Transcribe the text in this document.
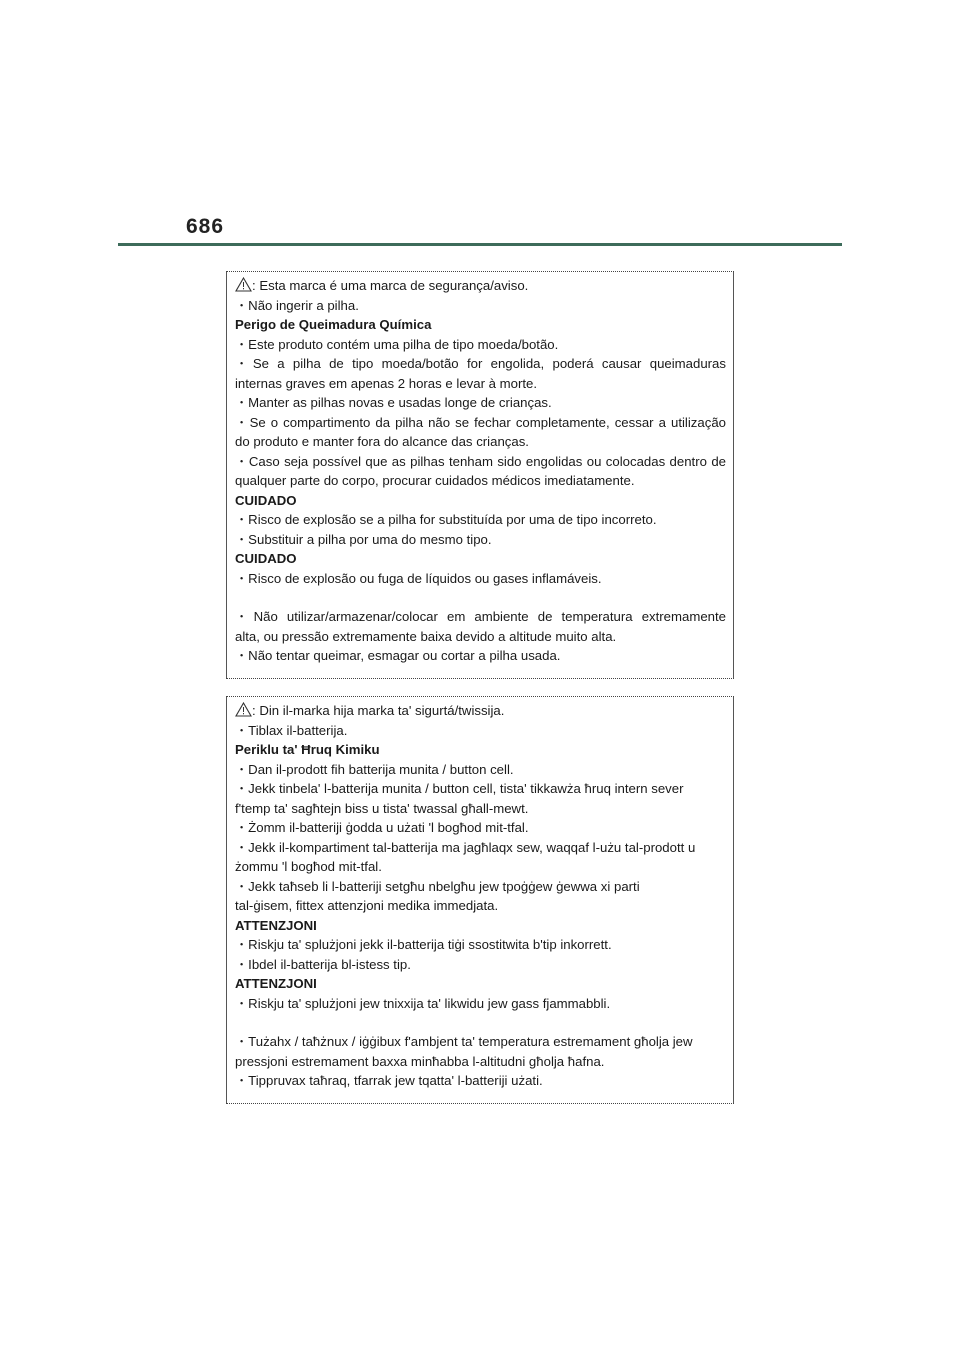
686

: Esta marca é uma marca de segurança/aviso.

・Não ingerir a pilha.

Perigo de Queimadura Química

・Este produto contém uma pilha de tipo moeda/botão.

・Se a pilha de tipo moeda/botão for engolida, poderá causar queimaduras

internas graves em apenas 2 horas e levar à morte.

・Manter as pilhas novas e usadas longe de crianças.

・Se o compartimento da pilha não se fechar completamente, cessar a utilização

do produto e manter fora do alcance das crianças.

・Caso seja possível que as pilhas tenham sido engolidas ou colocadas dentro de

qualquer parte do corpo, procurar cuidados médicos imediatamente.

CUIDADO

・Risco de explosão se a pilha for substituída por uma de tipo incorreto.

・Substituir a pilha por uma do mesmo tipo.

CUIDADO

・Risco de explosão ou fuga de líquidos ou gases inflamáveis.

・Não utilizar/armazenar/colocar em ambiente de temperatura extremamente

alta, ou pressão extremamente baixa devido a altitude muito alta.

・Não tentar queimar, esmagar ou cortar a pilha usada.

: Din il-marka hija marka ta' sigurtá/twissija.

・Tiblax il-batterija.

Periklu ta' Ħruq Kimiku

・Dan il-prodott fih batterija munita / button cell.

・Jekk tinbela' l-batterija munita / button cell, tista' tikkawża ħruq intern sever

f'temp ta' sagħtejn biss u tista' twassal għall-mewt.

・Żomm il-batteriji ġodda u użati 'l bogħod mit-tfal.

・Jekk il-kompartiment tal-batterija ma jagħlaqx sew, waqqaf l-użu tal-prodott u

żommu 'l bogħod mit-tfal.

・Jekk taħseb li l-batteriji setgħu nbelgħu jew tpoġġew ġewwa xi parti

tal-ġisem, fittex attenzjoni medika immedjata.

ATTENZJONI

・Riskju ta' splużjoni jekk il-batterija tiġi ssostitwita b'tip inkorrett.

・Ibdel il-batterija bl-istess tip.

ATTENZJONI

・Riskju ta' splużjoni jew tnixxija ta' likwidu jew gass fjammabbli.

・Tużahx / taħżnux / iġġibux f'ambjent ta' temperatura estremament għolja jew

pressjoni estremament baxxa minħabba l-altitudni għolja ħafna.

・Tippruvax taħraq, tfarrak jew tqatta' l-batteriji użati.
